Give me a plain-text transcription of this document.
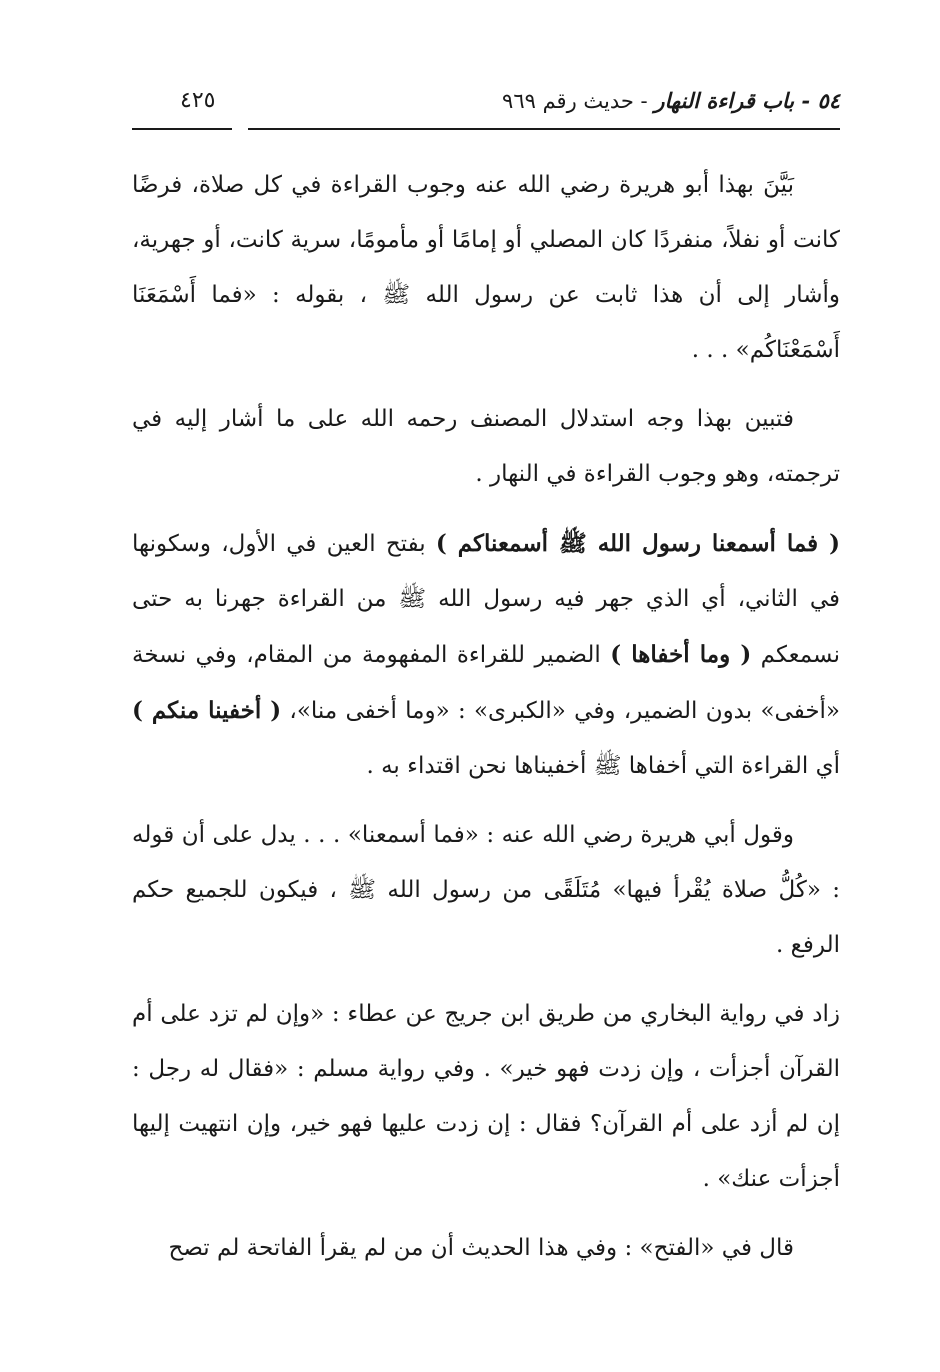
٥٤ - باب قراءة النهار - حديث رقم ٩٦٩
٤٢٥

بَيَّنَ بهذا أبو هريرة رضي الله عنه وجوب القراءة في كل صلاة، فرضًا كانت أو نفلاً، منفردًا كان المصلي أو إمامًا أو مأمومًا، سرية كانت، أو جهرية، وأشار إلى أن هذا ثابت عن رسول الله ﷺ ، بقوله : «فما أَسْمَعَنَا أَسْمَعْنَاكُم» . . .

فتبين بهذا وجه استدلال المصنف رحمه الله على ما أشار إليه في ترجمته، وهو وجوب القراءة في النهار .

( فما أسمعنا رسول الله ﷺ أسمعناكم ) بفتح العين في الأول، وسكونها في الثاني، أي الذي جهر فيه رسول الله ﷺ من القراءة جهرنا به حتى نسمعكم ( وما أخفاها ) الضمير للقراءة المفهومة من المقام، وفي نسخة «أخفى» بدون الضمير، وفي «الكبرى» : «وما أخفى منا»، ( أخفينا منكم ) أي القراءة التي أخفاها ﷺ أخفيناها نحن اقتداء به .

وقول أبي هريرة رضي الله عنه : «فما أسمعنا» . . . يدل على أن قوله : «كُلُّ صلاة يُقْرأ فيها» مُتَلَقًى من رسول الله ﷺ ، فيكون للجميع حكم الرفع .

زاد في رواية البخاري من طريق ابن جريج عن عطاء : «وإن لم تزد على أم القرآن أجزأت ، وإن زدت فهو خير» . وفي رواية مسلم : «فقال له رجل : إن لم أزد على أم القرآن؟ فقال : إن زدت عليها فهو خير، وإن انتهيت إليها أجزأت عنك» .

قال في «الفتح» : وفي هذا الحديث أن من لم يقرأ الفاتحة لم تصح
